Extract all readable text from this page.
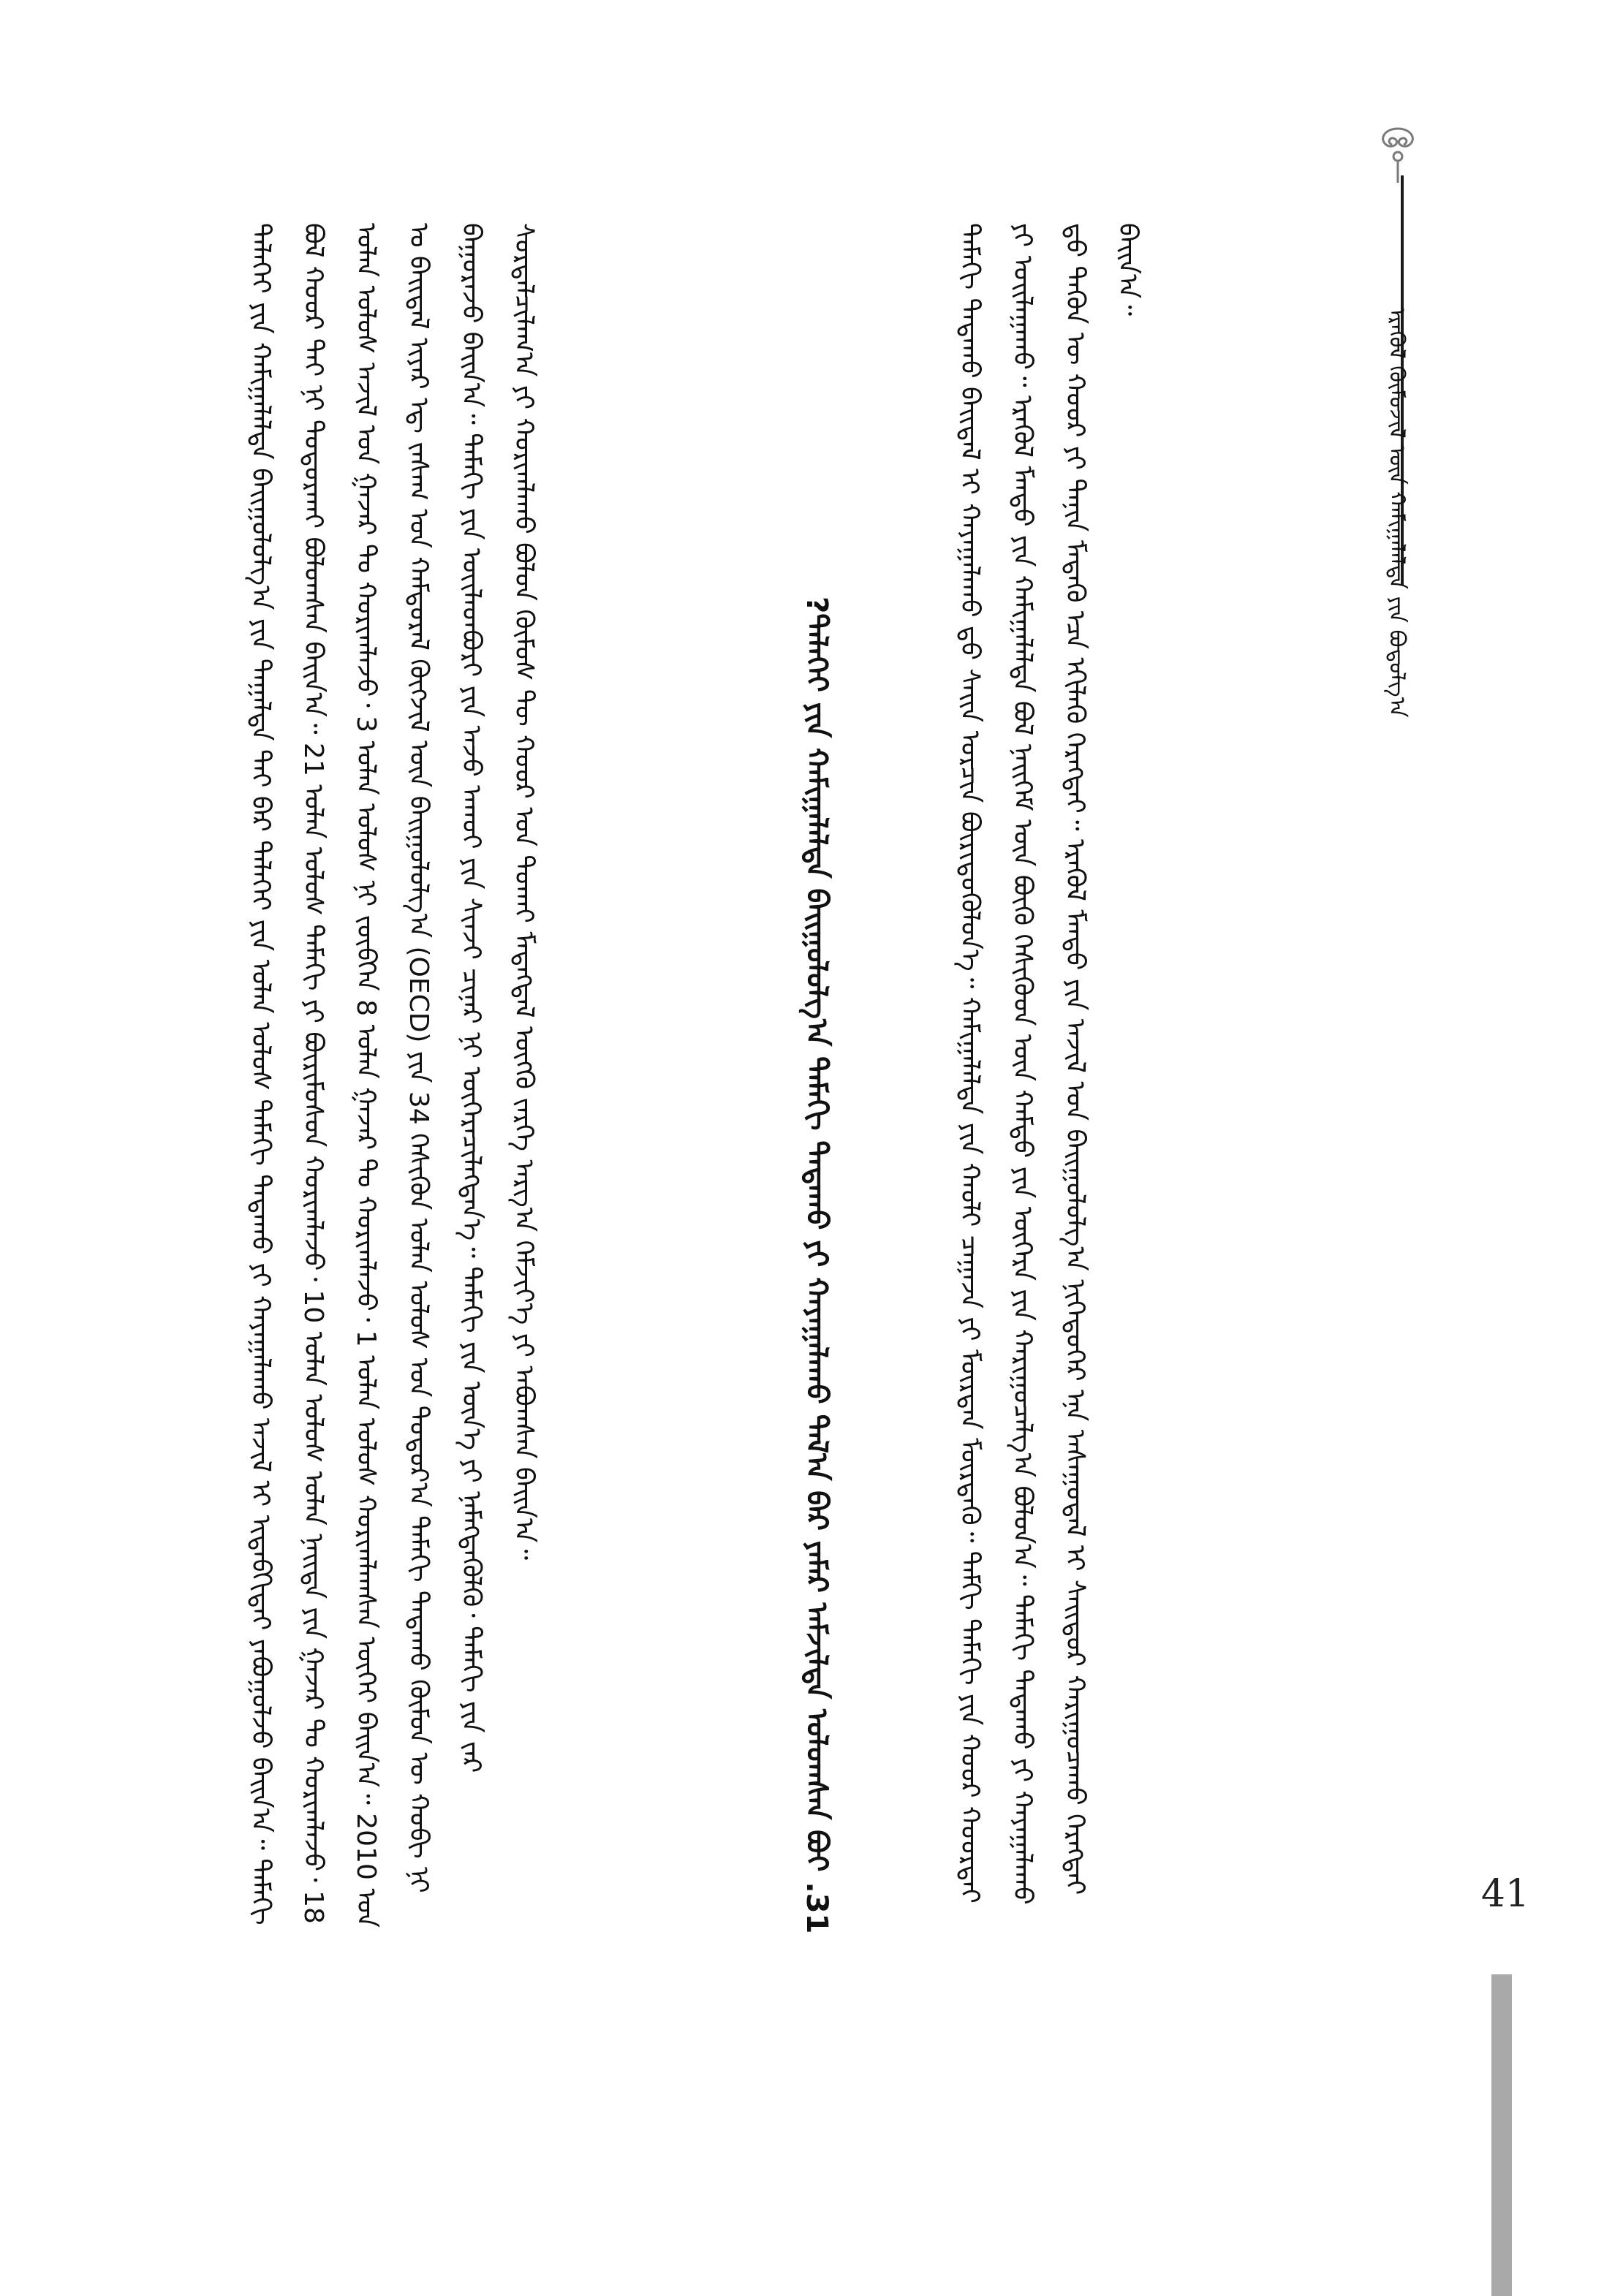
ᠡᠷᠡᠭᠦᠯ ᠬᠦᠮᠦᠵᠢᠯ ᠦᠨ ᠬᠠᠮᠢᠭᠠᠯᠠᠯᠲᠠ ᠶᠢᠨ ᠪᠣᠳᠣᠯᠭ᠎ᠠ

ᠲᠠᠮᠠᠬᠢ ᠲᠠᠲᠠᠬᠤ ᠪᠠᠢᠳᠠᠯ ᠢ ᠬᠠᠶᠠᠭᠠᠯᠠᠬᠤ ᠳ᠋ᠤ ᠰᠠᠢᠨ ᠤᠷᠴᠢᠨ ᠪᠦᠷᠢᠳᠦᠭᠦᠯᠦᠨ᠎ᠡ᠃ ᠬᠠᠮᠢᠭᠠᠯᠠᠯᠲᠠ ᠶᠢᠨ ᠬᠠᠤᠯᠢ ᠴᠠᠭᠠᠵᠠ ᠶᠢ ᠮᠥᠷᠳᠡᠨ ᠮᠥᠷᠳᠡᠬᠦ᠃ ᠳᠠᠮᠬᠢ ᠲᠠᠮᠠᠬᠢ ᠶᠢᠨ ᠬᠣᠣᠷ ᠬᠣᠣᠷᠲᠠᠢ ᠶᠢ ᠣᠢᠯᠠᠭᠠᠬᠤ᠃ ᠡᠷᠡᠭᠦᠯ ᠮᠡᠨᠳᠦ ᠶᠢᠨ ᠬᠠᠮᠢᠭᠠᠯᠠᠯᠲᠠ ᠪᠣᠯ ᠨᠡᠢᠭᠡᠮ ᠦᠨ ᠪᠦᠬᠦ ᠭᠡᠰᠢᠭᠦᠳ ᠦᠨ ᠬᠠᠮᠲᠤ ᠶᠢᠨ ᠥᠭᠡᠷᠡ ᠶᠢᠨ ᠬᠠᠷᠢᠭᠤᠴᠠᠯᠭ᠎ᠠ ᠪᠣᠯᠤᠨ᠎ᠠ᠃ ᠲᠠᠮᠠᠬᠢ ᠲᠠᠲᠠᠬᠤ ᠶᠢ ᠬᠠᠶᠠᠭᠠᠯᠠᠬᠤ ᠳ᠋ᠤ ᠲᠡᠭᠦᠨ ᠦ ᠬᠣᠣᠷ ᠶᠢ ᠲᠠᠨᠢᠨ ᠮᠡᠳᠡᠬᠦ ᠡᠴᠡ ᠡᠬᠢᠯᠡᠬᠦ ᠬᠡᠷᠡᠭᠲᠡᠢ᠃ ᠡᠷᠡᠭᠦᠯ ᠮᠡᠨᠳᠦ ᠶᠢᠨ ᠠᠵᠢᠯ ᠤᠨ ᠪᠠᠢᠭᠤᠯᠤᠯᠭ᠎ᠠ ᠨᠢᠭᠡᠳᠦᠭᠡᠷ ᠡᠨᠡ ᠠᠰᠠᠭᠤᠳᠠᠯ ᠢ ᠰᠠᠢᠲᠤᠷ ᠬᠠᠷᠢᠭᠤᠴᠠᠬᠤ ᠬᠡᠷᠡᠭᠲᠡᠢ ᠪᠠᠢᠨ᠎ᠠ᠃

31. ᠳᠡᠯᠡᠬᠡᠢ ᠶᠢᠨ ᠬᠠᠮᠢᠭᠠᠯᠠᠯᠲᠠ ᠪᠠᠢᠭᠤᠯᠤᠯᠭ᠎ᠠ ᠲᠠᠮᠠᠬᠢ ᠲᠠᠲᠠᠬᠤ ᠶᠢ ᠬᠠᠶᠠᠭᠠᠯᠠᠬᠤ ᠲᠠᠯ᠎ᠠ ᠪᠠᠷ ᠶᠠᠮᠠᠷ ᠠᠮᠵᠢᠯᠲᠠ ᠣᠯᠤᠭᠰᠠᠨ ᠪᠤᠢ?

ᠳᠡᠯᠡᠬᠡᠢ ᠶᠢᠨ ᠬᠠᠮᠢᠭᠠᠯᠠᠯᠲᠠ ᠪᠠᠢᠭᠤᠯᠤᠯᠭ᠎ᠠ ᠶᠢᠨ ᠳᠠᠭᠠᠯᠲᠠ ᠲᠠᠢ ᠪᠡᠷ ᠳᠡᠯᠡᠬᠡᠢ ᠶᠢᠨ ᠣᠯᠠᠨ ᠤᠯᠤᠰ ᠲᠠᠮᠠᠬᠢ ᠲᠠᠲᠠᠬᠤ ᠶᠢ ᠬᠠᠶᠠᠭᠠᠯᠠᠬᠤ ᠠᠵᠢᠯ ᠢ ᠢᠳᠡᠪᠬᠢᠲᠡᠢ ᠶᠠᠪᠤᠭᠤᠯᠵᠤ ᠪᠠᠢᠨ᠎ᠠ᠃ ᠲᠠᠮᠠᠬᠢ ᠪᠣᠯ ᠬᠣᠣᠷ ᠲᠠᠢ ᠨᠢ ᠲᠣᠳᠣᠷᠬᠠᠢ ᠪᠣᠯᠤᠭᠰᠠᠨ ᠪᠠᠢᠨ᠎ᠠ᠃ 21 ᠣᠯᠠᠨ ᠤᠯᠤᠰ ᠲᠠᠮᠠᠬᠢ ᠶᠢ ᠪᠦᠷᠢᠮᠦᠰᠦᠨ ᠬᠣᠷᠢᠭᠯᠠᠵᠤ᠂ 10 ᠣᠯᠠᠨ ᠤᠯᠤᠰ ᠣᠯᠠᠨ ᠨᠡᠢᠲᠡ ᠶᠢᠨ ᠭᠠᠵᠠᠷ ᠲᠤ ᠬᠣᠷᠢᠭᠯᠠᠵᠤ᠂ 18 ᠣᠯᠠᠨ ᠤᠯᠤᠰ ᠠᠵᠢᠯ ᠤᠨ ᠭᠠᠵᠠᠷ ᠲᠤ ᠬᠣᠷᠢᠭᠯᠠᠵᠤ᠂ 3 ᠣᠯᠠᠨ ᠤᠯᠤᠰ ᠨᠢ ᠵᠥᠪᠬᠡᠨ 8 ᠣᠯᠠᠨ ᠭᠠᠵᠠᠷ ᠲᠤ ᠬᠣᠷᠢᠭᠯᠠᠵᠤ᠂ 1 ᠣᠯᠠᠨ ᠤᠯᠤᠰ ᠬᠣᠷᠢᠭᠯᠠᠭᠰᠠᠨ ᠦᠭᠡᠢ ᠪᠠᠢᠨ᠎ᠠ᠃ 2010 ᠣᠨ ᠤ ᠪᠠᠢᠳᠠᠯ ᠢᠶᠠᠷ ᠡᠳ᠋ ᠵᠠᠰᠠᠭ ᠤᠨ ᠬᠠᠮᠲᠤᠷᠠᠯ ᠬᠥᠭᠵᠢᠯ ᠦᠨ ᠪᠠᠢᠭᠤᠯᠤᠯᠭ᠎ᠠ (OECD) ᠶᠢᠨ 34 ᠭᠡᠰᠢᠭᠦᠨ ᠣᠯᠠᠨ ᠤᠯᠤᠰ ᠤᠨ ᠳᠣᠲᠣᠷ᠎ᠠ ᠲᠠᠮᠠᠬᠢ ᠲᠠᠲᠠᠬᠤ ᠬᠦᠮᠦᠨ ᠦ ᠬᠤᠪᠢ ᠨᠢ ᠪᠠᠭᠤᠷᠠᠵᠤ ᠪᠠᠢᠨ᠎ᠠ᠃ ᠲᠠᠮᠠᠬᠢ ᠶᠢᠨ ᠦᠢᠯᠡᠳᠪᠦᠷᠢ ᠶᠢᠨ ᠠᠵᠤ ᠠᠬᠤᠢ ᠶᠢᠨ ᠰᠢᠨᠵᠢ ᠴᠢᠨᠠᠷ ᠨᠢ ᠥᠭᠡᠷᠡᠴᠢᠯᠡᠭᠳᠡᠨ᠎ᠡ᠃ ᠲᠠᠮᠠᠬᠢ ᠶᠢᠨ ᠦᠨ᠎ᠡ ᠶᠢ ᠨᠡᠮᠡᠭᠳᠡᠭᠦᠯᠬᠦ᠂ ᠲᠠᠮᠠᠬᠢ ᠶᠢᠨ ᠵᠠᠷ ᠰᠤᠷᠲᠠᠯᠴᠢᠯᠠᠭ᠎ᠠ ᠶᠢ ᠬᠣᠷᠢᠭᠯᠠᠬᠤ ᠪᠣᠯᠤᠨ ᠬᠦᠮᠦᠰ ᠲᠦ ᠬᠣᠣᠷ ᠤᠨ ᠲᠤᠬᠠᠢ ᠮᠡᠳᠡᠭᠳᠡᠯ ᠥᠭᠬᠦ ᠵᠡᠷᠭᠡ ᠠᠷᠭ᠎ᠠ ᠬᠡᠮᠵᠢᠶ᠎ᠡ ᠶᠢ ᠠᠪᠤᠭᠰᠠᠨ ᠪᠠᠢᠨ᠎ᠠ᠃

41
